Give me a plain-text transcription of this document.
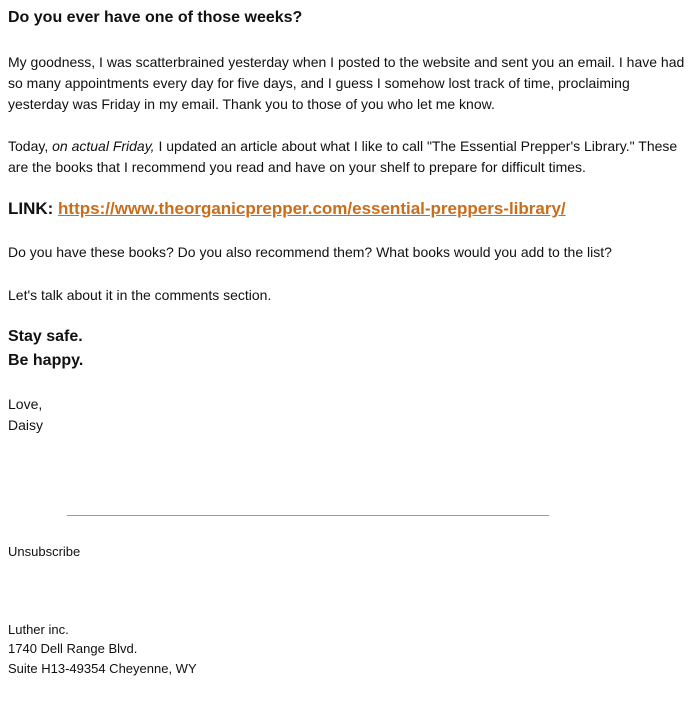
Do you ever have one of those weeks?

My goodness, I was scatterbrained yesterday when I posted to the website and sent you an email. I have had so many appointments every day for five days, and I guess I somehow lost track of time, proclaiming yesterday was Friday in my email. Thank you to those of you who let me know.

Today, on actual Friday, I updated an article about what I like to call "The Essential Prepper's Library." These are the books that I recommend you read and have on your shelf to prepare for difficult times.

LINK: https://www.theorganicprepper.com/essential-preppers-library/

Do you have these books? Do you also recommend them? What books would you add to the list?

Let's talk about it in the comments section.

Stay safe.

Be happy.

Love,

Daisy

Unsubscribe

Luther inc.

1740 Dell Range Blvd.

Suite H13-49354 Cheyenne, WY
